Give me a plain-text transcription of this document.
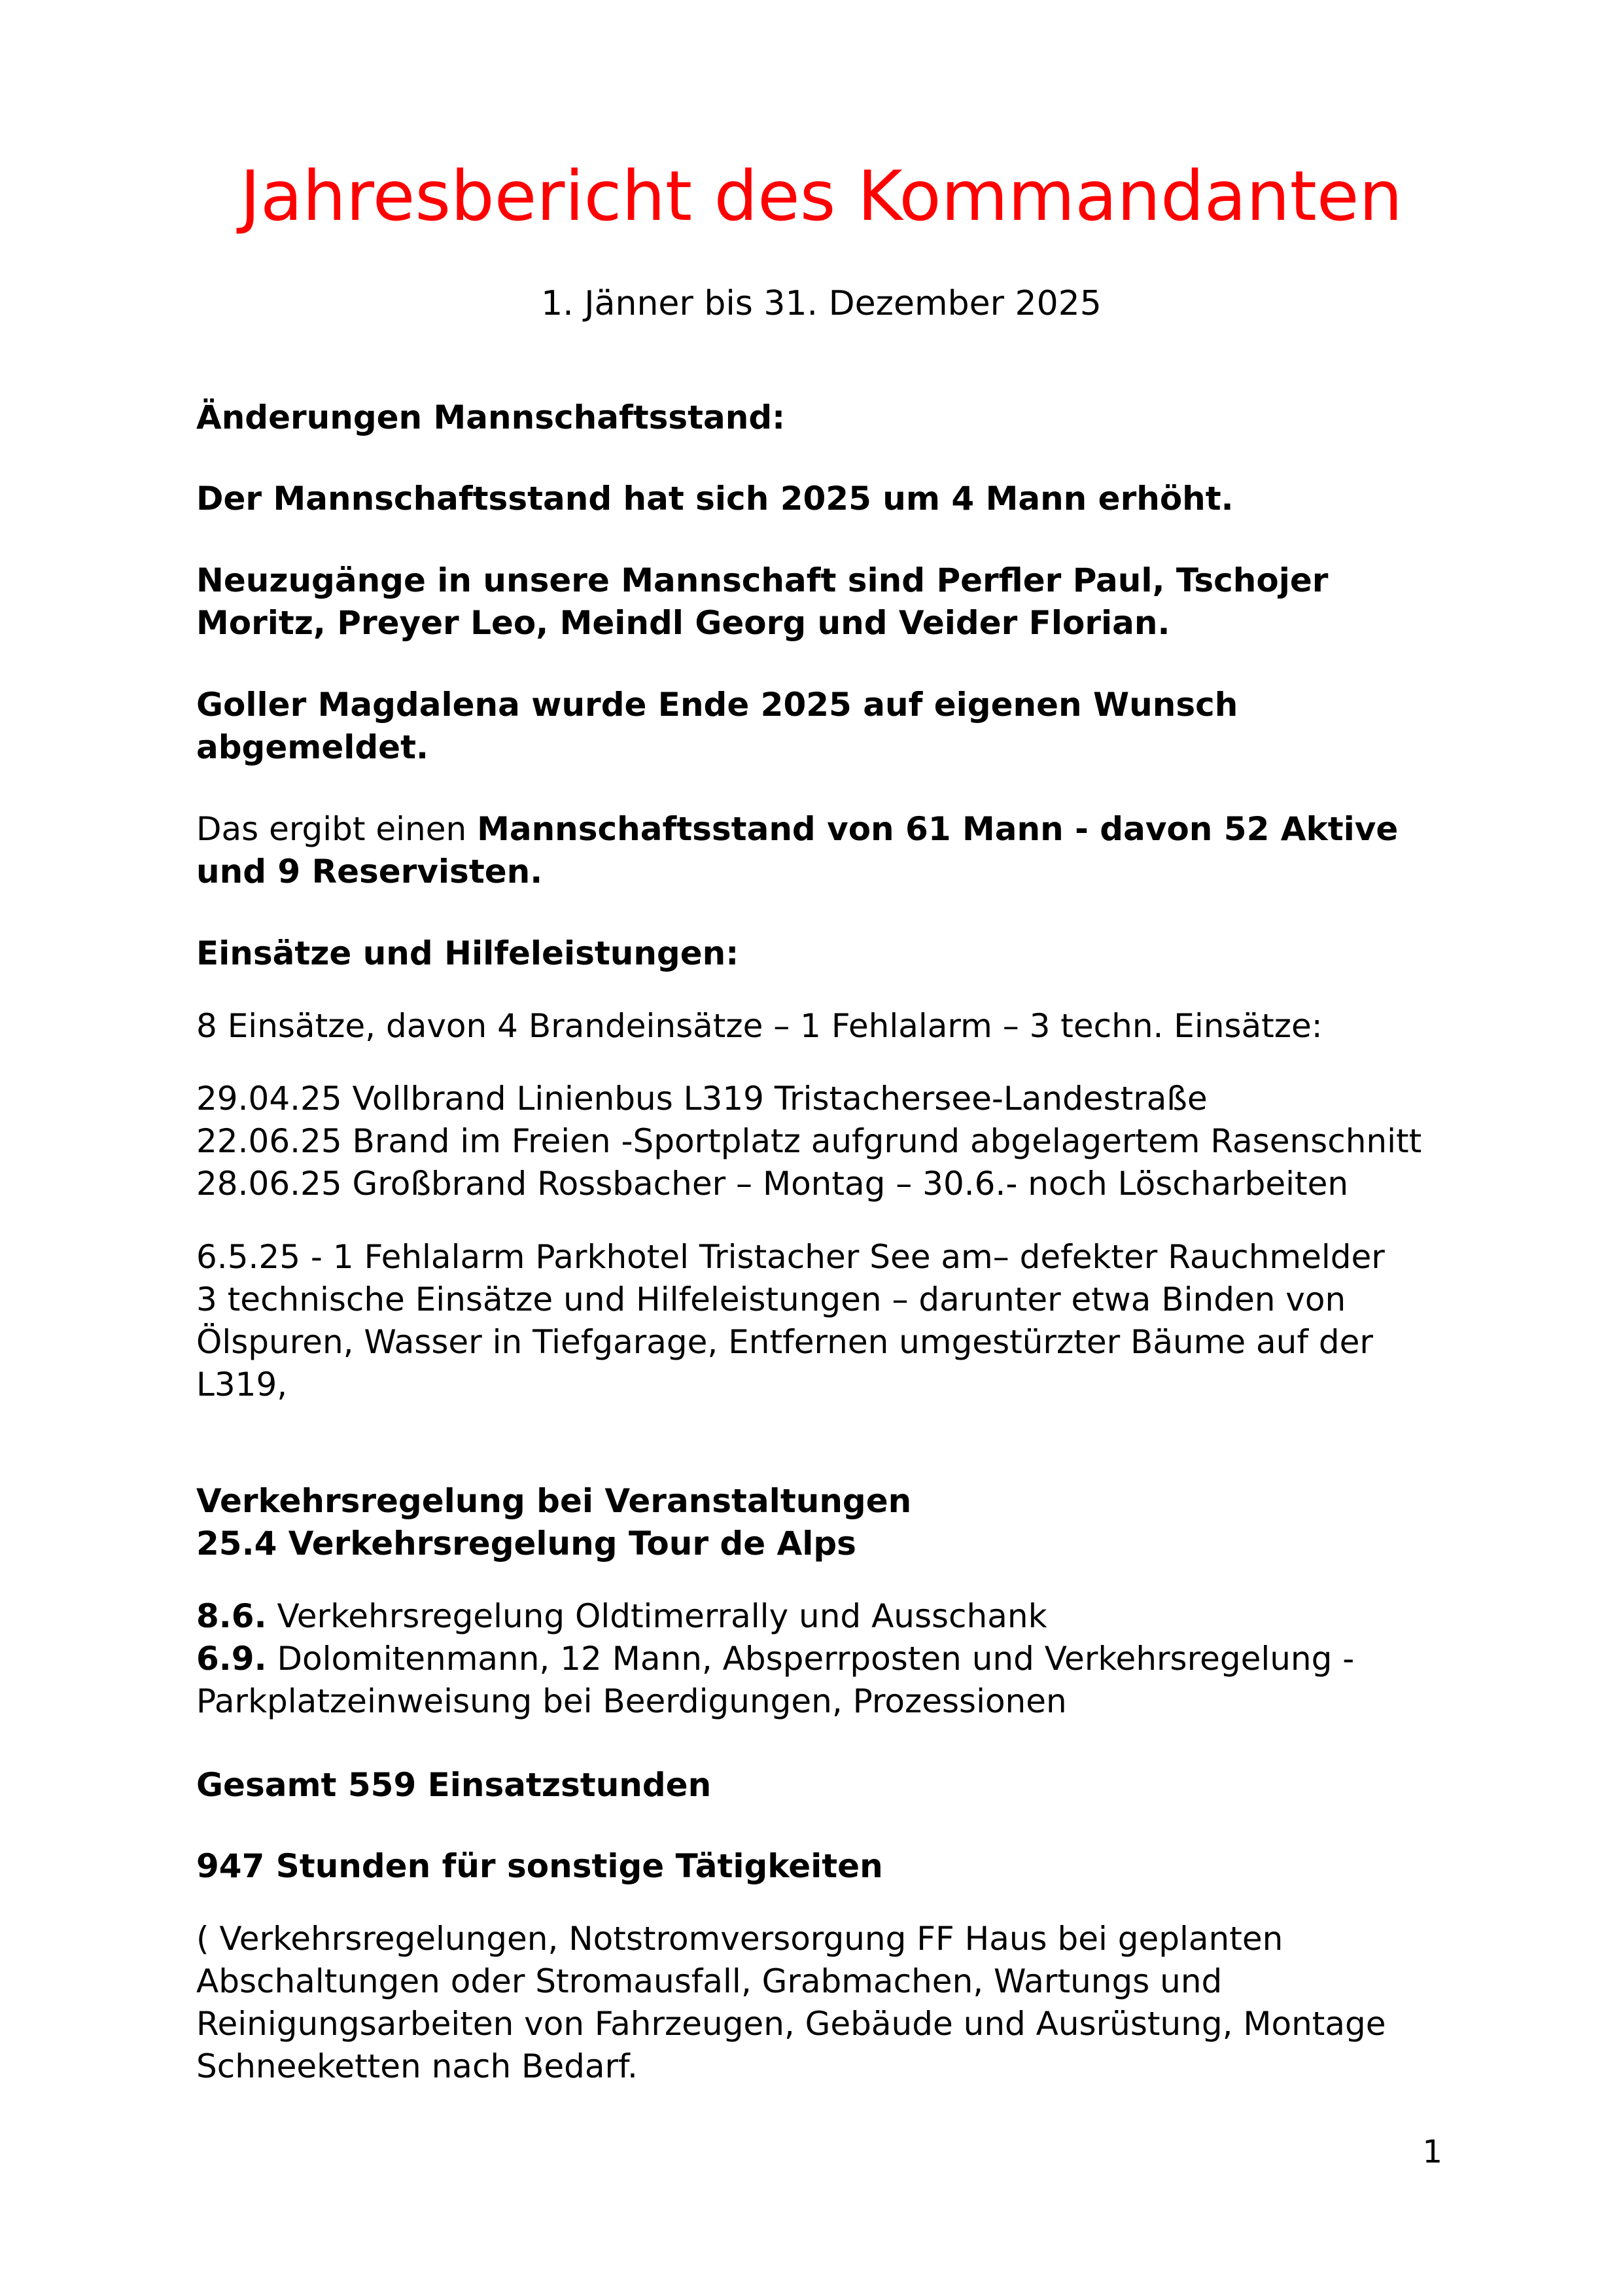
Jahresbericht des Kommandanten
1. Jänner bis 31. Dezember 2025

Änderungen Mannschaftsstand:

Der Mannschaftsstand hat sich 2025 um 4 Mann erhöht.

Neuzugänge in unsere Mannschaft sind Perfler Paul, Tschojer
Moritz, Preyer Leo, Meindl Georg und Veider Florian.

Goller Magdalena wurde Ende 2025 auf eigenen Wunsch
abgemeldet.

Das ergibt einen Mannschaftsstand von 61 Mann - davon 52 Aktive
und 9 Reservisten.

Einsätze und Hilfeleistungen:

8 Einsätze, davon 4 Brandeinsätze – 1 Fehlalarm – 3 techn. Einsätze:

29.04.25 Vollbrand Linienbus L319 Tristachersee-Landestraße
22.06.25 Brand im Freien -Sportplatz aufgrund abgelagertem Rasenschnitt
28.06.25 Großbrand Rossbacher – Montag – 30.6.- noch Löscharbeiten

6.5.25 - 1 Fehlalarm Parkhotel Tristacher See am– defekter Rauchmelder
3 technische Einsätze und Hilfeleistungen – darunter etwa Binden von
Ölspuren, Wasser in Tiefgarage, Entfernen umgestürzter Bäume auf der
L319,

Verkehrsregelung bei Veranstaltungen
25.4 Verkehrsregelung Tour de Alps

8.6. Verkehrsregelung Oldtimerrally und Ausschank
6.9. Dolomitenmann, 12 Mann, Absperrposten und Verkehrsregelung -
Parkplatzeinweisung bei Beerdigungen, Prozessionen

Gesamt 559 Einsatzstunden

947 Stunden für sonstige Tätigkeiten

( Verkehrsregelungen, Notstromversorgung FF Haus bei geplanten
Abschaltungen oder Stromausfall, Grabmachen, Wartungs und
Reinigungsarbeiten von Fahrzeugen, Gebäude und Ausrüstung, Montage
Schneeketten nach Bedarf.

1
